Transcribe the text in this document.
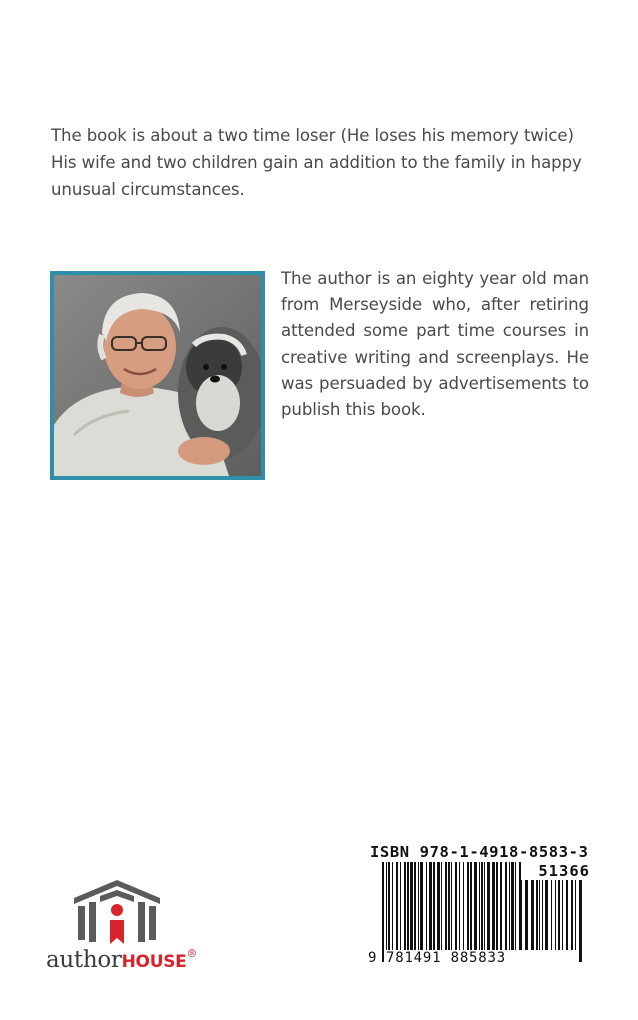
The book is about a two time loser (He loses his memory twice)
His wife and two children gain an addition to the family in happy
unusual circumstances.
The author is an eighty year old man from Merseyside who, after retiring attended some part time courses in creative writing and screenplays. He was persuaded by advertisements to publish this book.
ISBN 978-1-4918-8583-3
51366
9 781491 885833
authorHOUSE®
